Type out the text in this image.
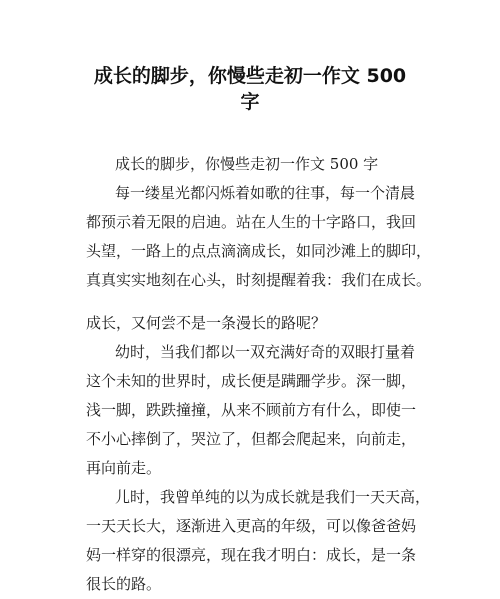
成长的脚步，你慢些走初一作文 500
字
成长的脚步，你慢些走初一作文 500 字
每一缕星光都闪烁着如歌的往事，每一个清晨
都预示着无限的启迪。站在人生的十字路口，我回
头望，一路上的点点滴滴成长，如同沙滩上的脚印，
真真实实地刻在心头，时刻提醒着我：我们在成长。
成长，又何尝不是一条漫长的路呢？
幼时，当我们都以一双充满好奇的双眼打量着
这个未知的世界时，成长便是蹒跚学步。深一脚，
浅一脚，跌跌撞撞，从来不顾前方有什么，即使一
不小心摔倒了，哭泣了，但都会爬起来，向前走，
再向前走。
儿时，我曾单纯的以为成长就是我们一天天高，
一天天长大，逐渐进入更高的年级，可以像爸爸妈
妈一样穿的很漂亮，现在我才明白：成长，是一条
很长的路。
